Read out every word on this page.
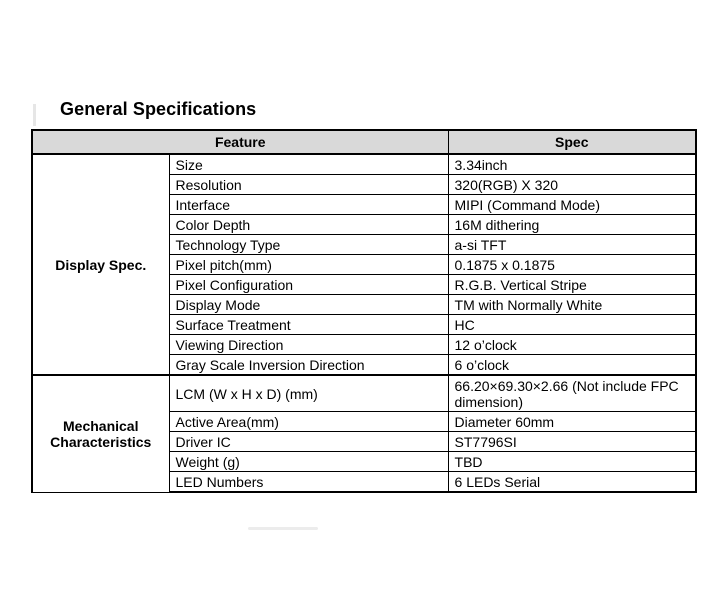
General Specifications
Feature		Spec
Display Spec.	Size	3.34inch
	Resolution	320(RGB) X 320
	Interface	MIPI (Command Mode)
	Color Depth	16M dithering
	Technology Type	a-si TFT
	Pixel pitch(mm)	0.1875 x 0.1875
	Pixel Configuration	R.G.B. Vertical Stripe
	Display Mode	TM with Normally White
	Surface Treatment	HC
	Viewing Direction	12 o’clock
	Gray Scale Inversion Direction	6 o’clock
Mechanical Characteristics	LCM (W x H x D) (mm)	66.20×69.30×2.66 (Not include FPC dimension)
	Active Area(mm)	Diameter 60mm
	Driver IC	ST7796SI
	Weight (g)	TBD
	LED Numbers	6 LEDs Serial
